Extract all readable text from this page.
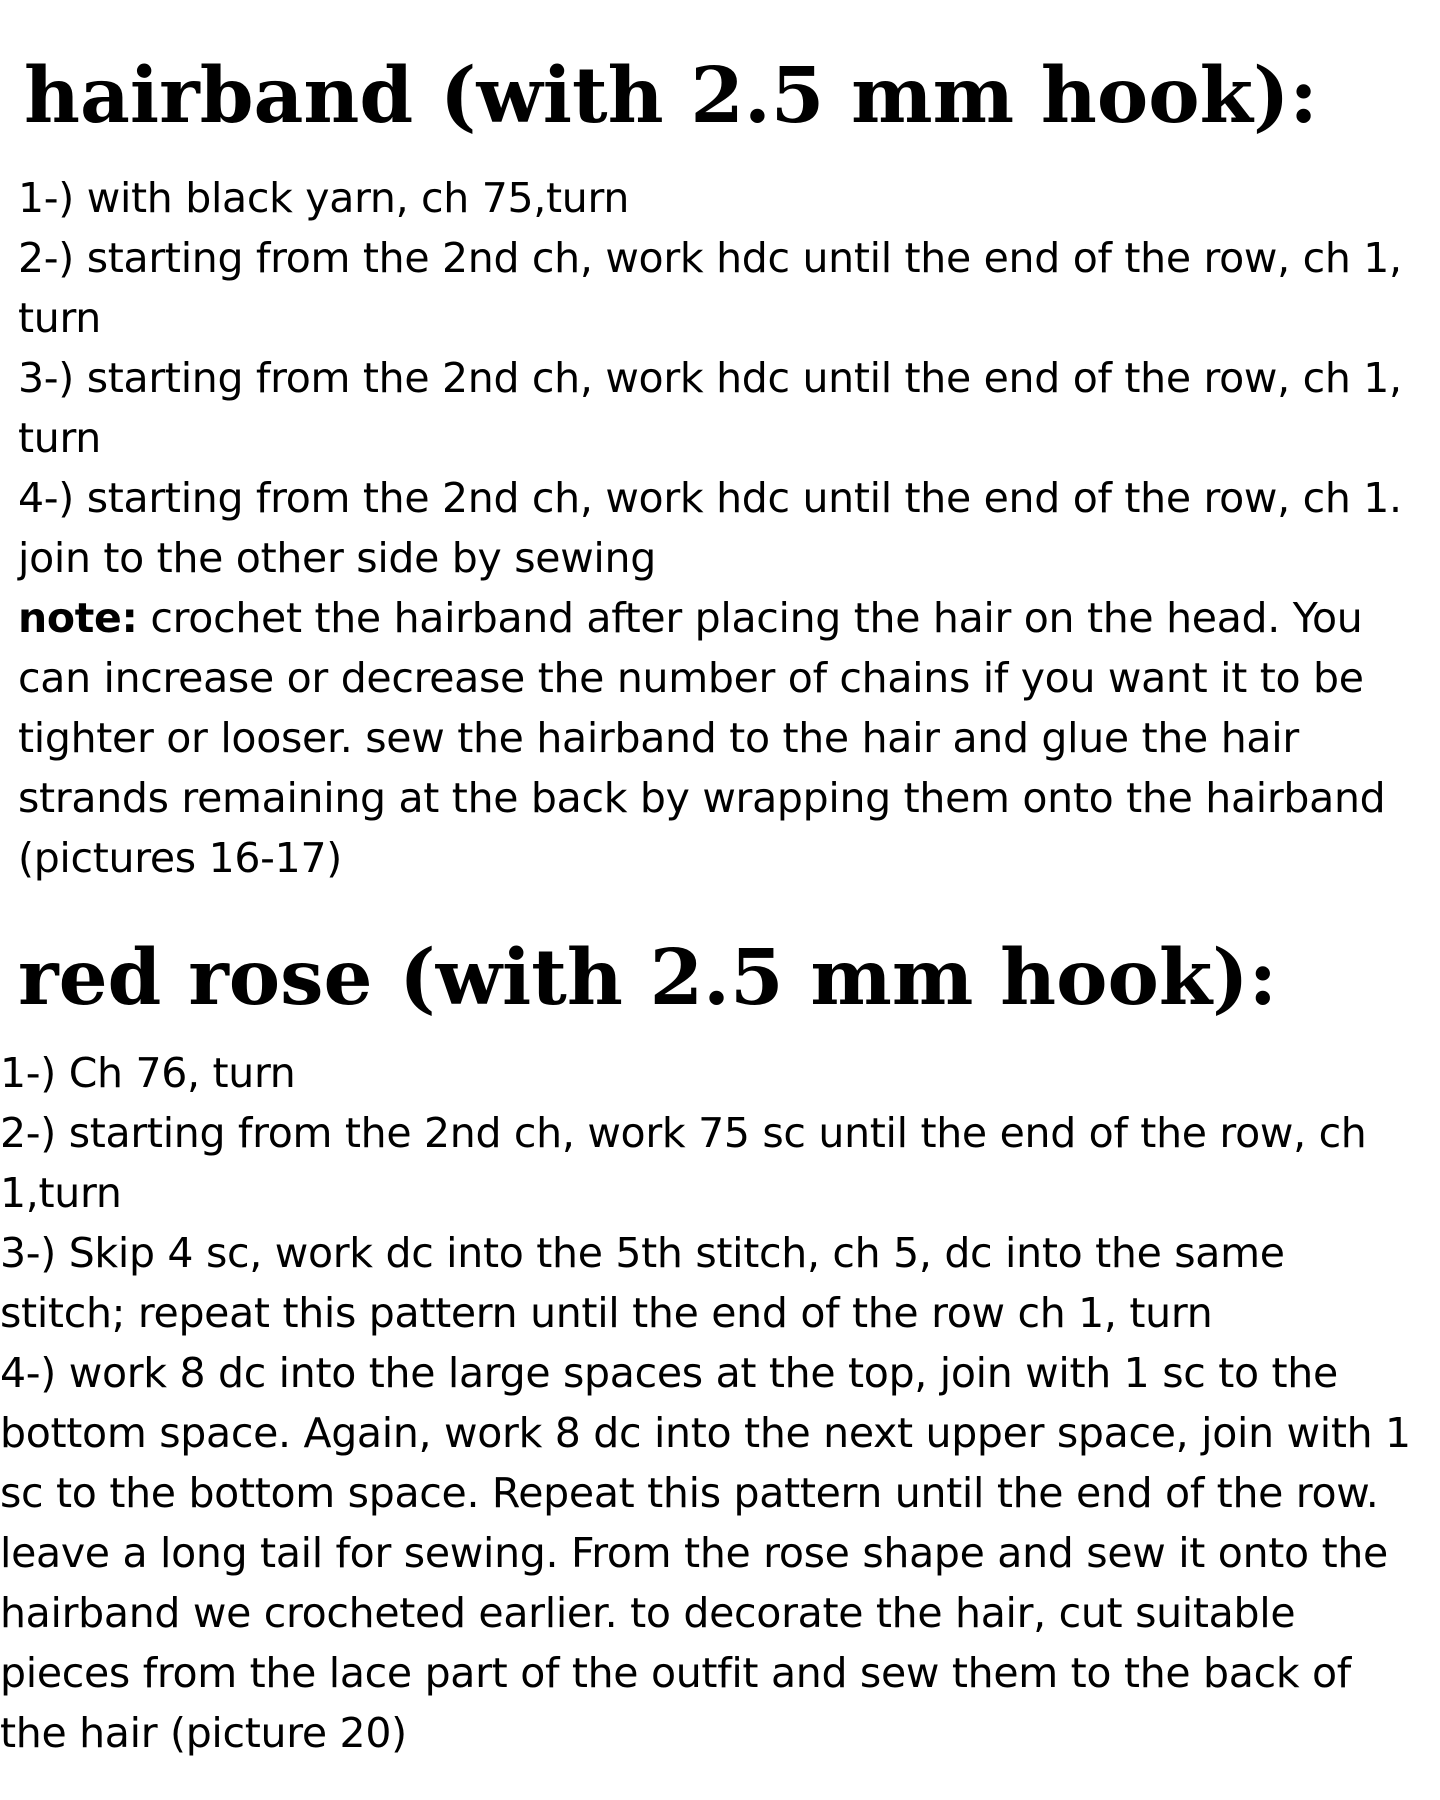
hairband (with 2.5 mm hook):
1-) with black yarn, ch 75,turn
2-) starting from the 2nd ch, work hdc until the end of the row, ch 1,
turn
3-) starting from the 2nd ch, work hdc until the end of the row, ch 1,
turn
4-) starting from the 2nd ch, work hdc until the end of the row, ch 1.
join to the other side by sewing
note: crochet the hairband after placing the hair on the head. You
can increase or decrease the number of chains if you want it to be
tighter or looser. sew the hairband to the hair and glue the hair
strands remaining at the back by wrapping them onto the hairband
(pictures 16-17)
red rose (with 2.5 mm hook):
1-) Ch 76, turn
2-) starting from the 2nd ch, work 75 sc until the end of the row, ch
1,turn
3-) Skip 4 sc, work dc into the 5th stitch, ch 5, dc into the same
stitch; repeat this pattern until the end of the row ch 1, turn
4-) work 8 dc into the large spaces at the top, join with 1 sc to the
bottom space. Again, work 8 dc into the next upper space, join with 1
sc to the bottom space. Repeat this pattern until the end of the row.
leave a long tail for sewing. From the rose shape and sew it onto the
hairband we crocheted earlier. to decorate the hair, cut suitable
pieces from the lace part of the outfit and sew them to the back of
the hair (picture 20)
